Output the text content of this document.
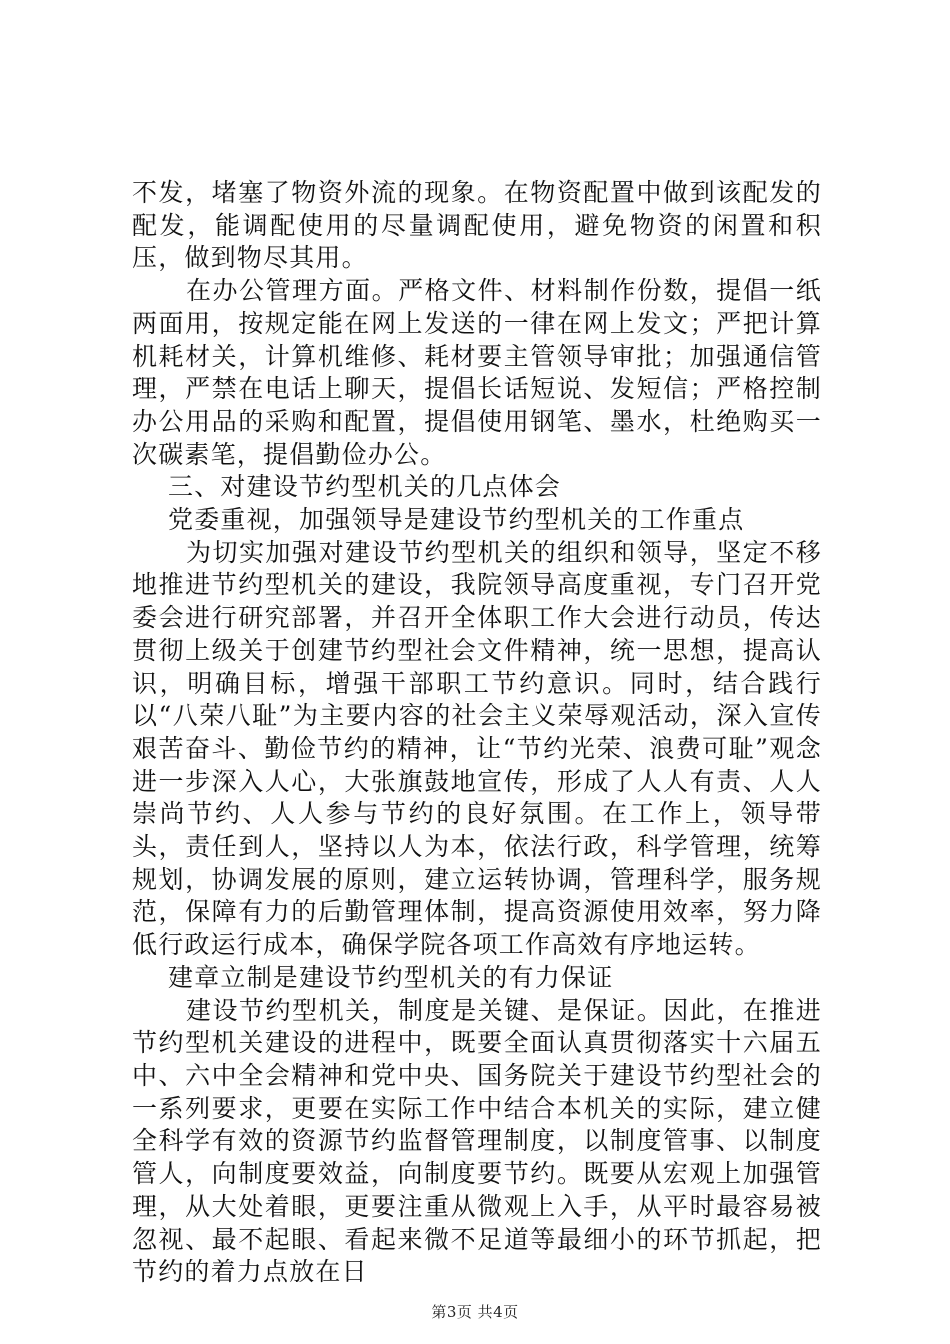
不发，堵塞了物资外流的现象。在物资配置中做到该配发的配发，能调配使用的尽量调配使用，避免物资的闲置和积压，做到物尽其用。

在办公管理方面。严格文件、材料制作份数，提倡一纸两面用，按规定能在网上发送的一律在网上发文；严把计算机耗材关，计算机维修、耗材要主管领导审批；加强通信管理，严禁在电话上聊天，提倡长话短说、发短信；严格控制办公用品的采购和配置，提倡使用钢笔、墨水，杜绝购买一次碳素笔，提倡勤俭办公。

三、对建设节约型机关的几点体会

党委重视，加强领导是建设节约型机关的工作重点

为切实加强对建设节约型机关的组织和领导，坚定不移地推进节约型机关的建设，我院领导高度重视，专门召开党委会进行研究部署，并召开全体职工作大会进行动员，传达贯彻上级关于创建节约型社会文件精神，统一思想，提高认识，明确目标，增强干部职工节约意识。同时，结合践行以“八荣八耻”为主要内容的社会主义荣辱观活动，深入宣传艰苦奋斗、勤俭节约的精神，让“节约光荣、浪费可耻”观念进一步深入人心，大张旗鼓地宣传，形成了人人有责、人人崇尚节约、人人参与节约的良好氛围。在工作上，领导带头，责任到人，坚持以人为本，依法行政，科学管理，统筹规划，协调发展的原则，建立运转协调，管理科学，服务规范，保障有力的后勤管理体制，提高资源使用效率，努力降低行政运行成本，确保学院各项工作高效有序地运转。

建章立制是建设节约型机关的有力保证

建设节约型机关，制度是关键、是保证。因此，在推进节约型机关建设的进程中，既要全面认真贯彻落实十六届五中、六中全会精神和党中央、国务院关于建设节约型社会的一系列要求，更要在实际工作中结合本机关的实际，建立健全科学有效的资源节约监督管理制度，以制度管事、以制度管人，向制度要效益，向制度要节约。既要从宏观上加强管理，从大处着眼，更要注重从微观上入手，从平时最容易被忽视、最不起眼、看起来微不足道等最细小的环节抓起，把节约的着力点放在日

第3页 共4页
